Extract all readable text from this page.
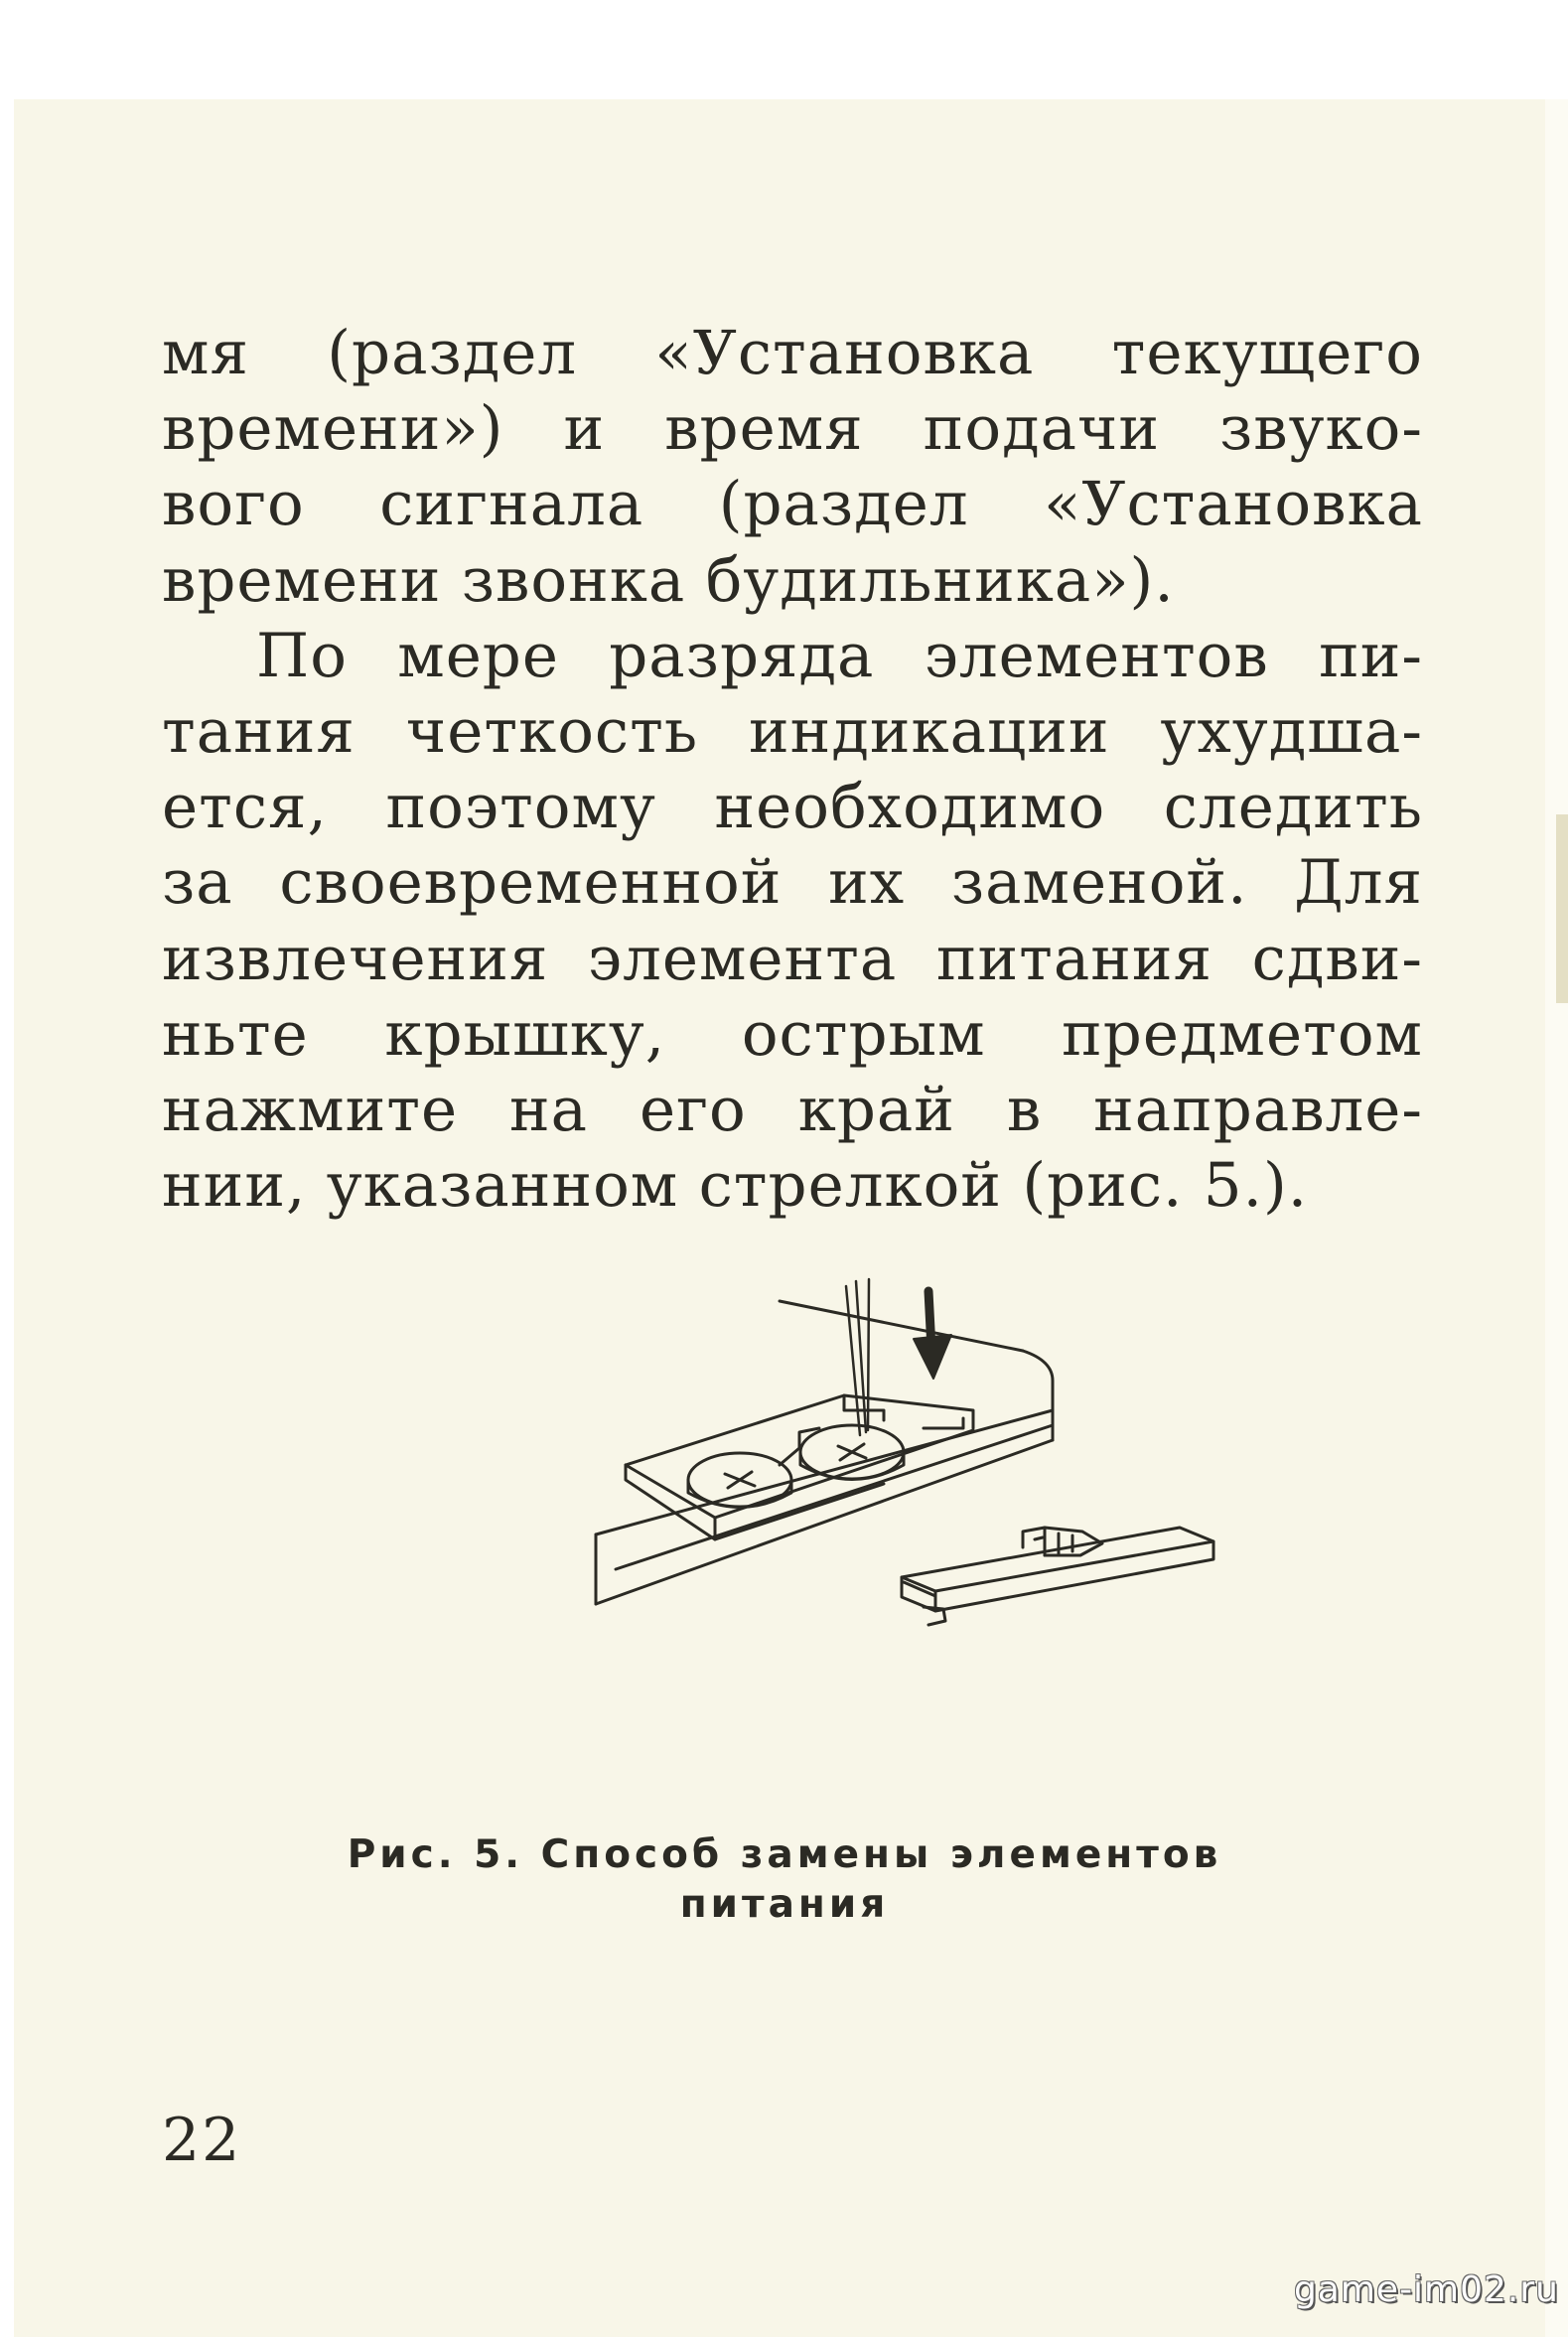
мя (раздел «Установка текущего
времени») и время подачи звуко-
вого сигнала (раздел «Установка
времени звонка будильника»).
По мере разряда элементов пи-
тания четкость индикации ухудша-
ется, поэтому необходимо следить
за своевременной их заменой. Для
извлечения элемента питания сдви-
ньте крышку, острым предметом
нажмите на его край в направле-
нии, указанном стрелкой (рис. 5.).
Рис. 5. Способ замены элементов
питания
22
game-im02.ru
